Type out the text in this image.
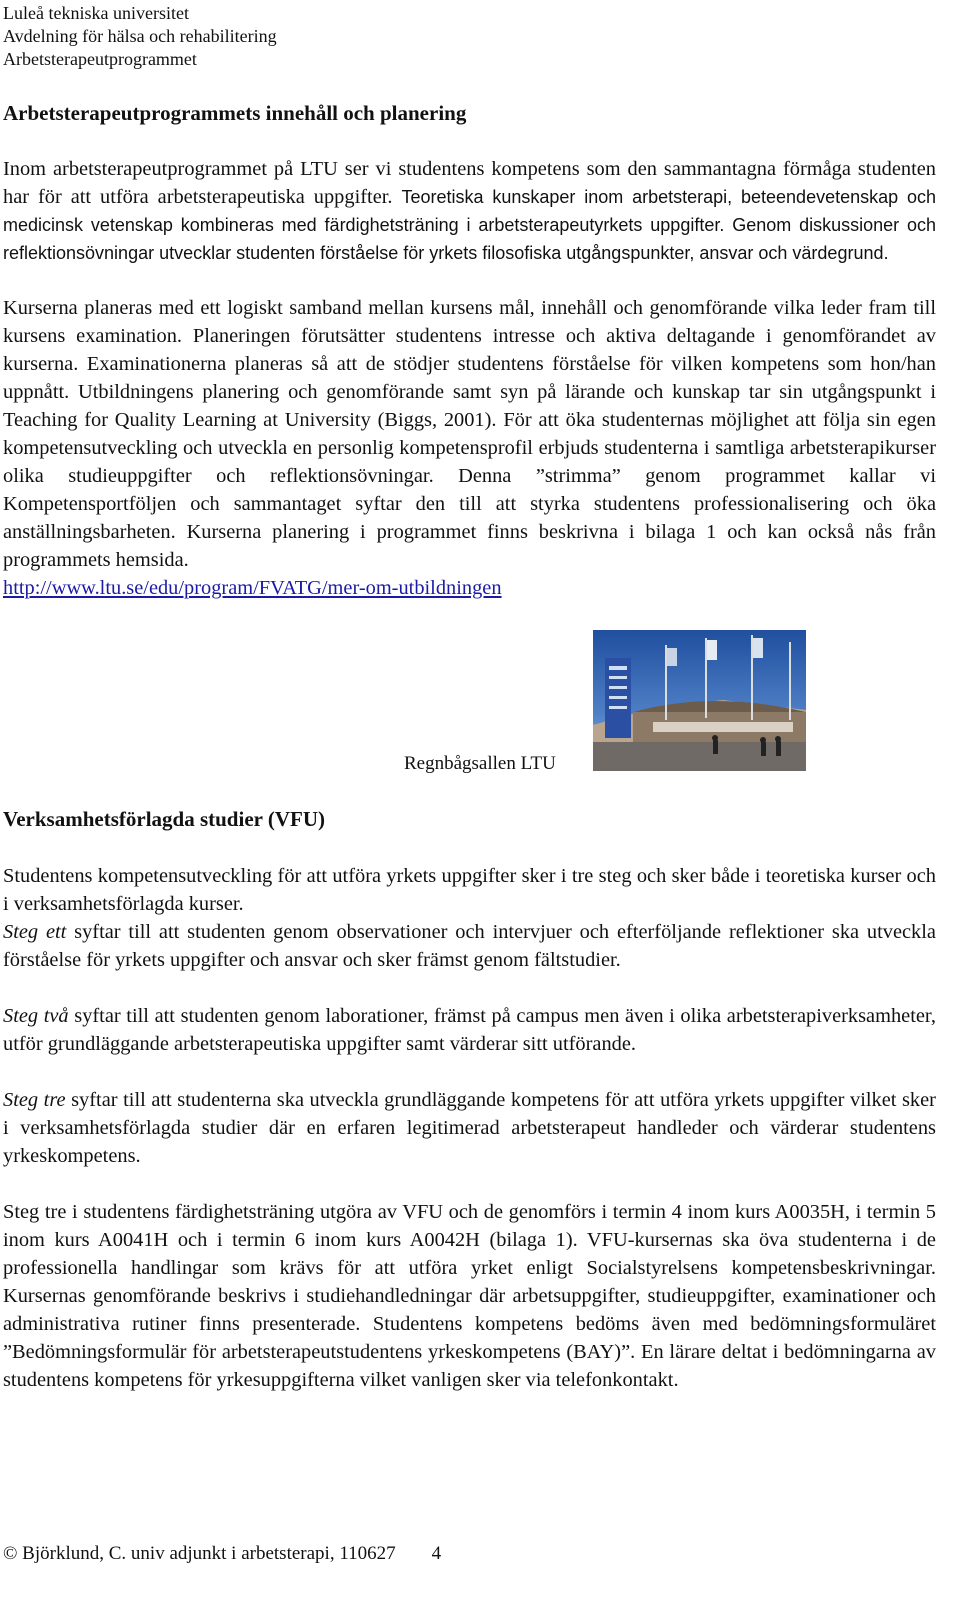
Luleå tekniska universitet
Avdelning för hälsa och rehabilitering
Arbetsterapeutprogrammet
Arbetsterapeutprogrammets innehåll och planering
Inom arbetsterapeutprogrammet på LTU ser vi studentens kompetens som den sammantagna förmåga studenten har för att utföra arbetsterapeutiska uppgifter. Teoretiska kunskaper inom arbetsterapi, beteendevetenskap och medicinsk vetenskap kombineras med färdighetsträning i arbetsterapeutyrkets uppgifter. Genom diskussioner och reflektionsövningar utvecklar studenten förståelse för yrkets filosofiska utgångspunkter, ansvar och värdegrund.
Kurserna planeras med ett logiskt samband mellan kursens mål, innehåll och genomförande vilka leder fram till kursens examination. Planeringen förutsätter studentens intresse och aktiva deltagande i genomförandet av kurserna. Examinationerna planeras så att de stödjer studentens förståelse för vilken kompetens som hon/han uppnått. Utbildningens planering och genomförande samt syn på lärande och kunskap tar sin utgångspunkt i Teaching for Quality Learning at University (Biggs, 2001). För att öka studenternas möjlighet att följa sin egen kompetensutveckling och utveckla en personlig kompetensprofil erbjuds studenterna i samtliga arbetsterapikurser olika studieuppgifter och reflektionsövningar. Denna ”strimma” genom programmet kallar vi Kompetensportföljen och sammantaget syftar den till att styrka studentens professionalisering och öka anställningsbarheten. Kurserna planering i programmet finns beskrivna i bilaga 1 och kan också nås från programmets hemsida.
http://www.ltu.se/edu/program/FVATG/mer-om-utbildningen
Regnbågsallen LTU
Verksamhetsförlagda studier (VFU)
Studentens kompetensutveckling för att utföra yrkets uppgifter sker i tre steg och sker både i teoretiska kurser och i verksamhetsförlagda kurser.
Steg ett syftar till att studenten genom observationer och intervjuer och efterföljande reflektioner ska utveckla förståelse för yrkets uppgifter och ansvar och sker främst genom fältstudier.
Steg två syftar till att studenten genom laborationer, främst på campus men även i olika arbetsterapiverksamheter, utför grundläggande arbetsterapeutiska uppgifter samt värderar sitt utförande.
Steg tre syftar till att studenterna ska utveckla grundläggande kompetens för att utföra yrkets uppgifter vilket sker i verksamhetsförlagda studier där en erfaren legitimerad arbetsterapeut handleder och värderar studentens yrkeskompetens.
Steg tre i studentens färdighetsträning utgöra av VFU och de genomförs i termin 4 inom kurs A0035H, i termin 5 inom kurs A0041H och i termin 6 inom kurs A0042H (bilaga 1). VFU-kursernas ska öva studenterna i de professionella handlingar som krävs för att utföra yrket enligt Socialstyrelsens kompetensbeskrivningar. Kursernas genomförande beskrivs i studiehandledningar där arbetsuppgifter, studieuppgifter, examinationer och administrativa rutiner finns presenterade. Studentens kompetens bedöms även med bedömningsformuläret ”Bedömningsformulär för arbetsterapeutstudentens yrkeskompetens (BAY)”. En lärare deltat i bedömningarna av studentens kompetens för yrkesuppgifterna vilket vanligen sker via telefonkontakt.
© Björklund, C. univ adjunkt i arbetsterapi, 110627 4
